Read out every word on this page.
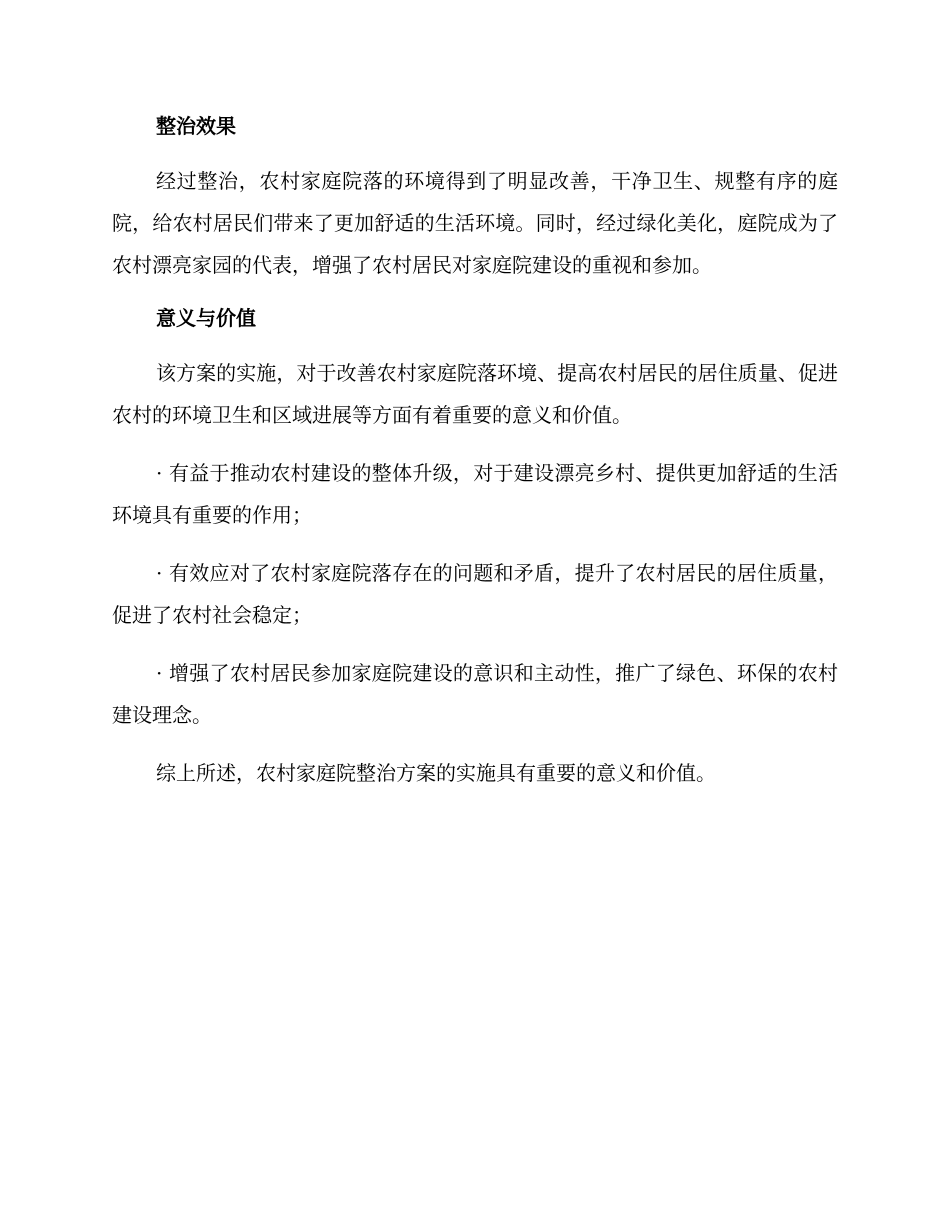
整治效果

经过整治，农村家庭院落的环境得到了明显改善，干净卫生、规整有序的庭院，给农村居民们带来了更加舒适的生活环境。同时，经过绿化美化，庭院成为了农村漂亮家园的代表，增强了农村居民对家庭院建设的重视和参加。

意义与价值

该方案的实施，对于改善农村家庭院落环境、提高农村居民的居住质量、促进农村的环境卫生和区域进展等方面有着重要的意义和价值。

· 有益于推动农村建设的整体升级，对于建设漂亮乡村、提供更加舒适的生活环境具有重要的作用；

· 有效应对了农村家庭院落存在的问题和矛盾，提升了农村居民的居住质量，促进了农村社会稳定；

· 增强了农村居民参加家庭院建设的意识和主动性，推广了绿色、环保的农村建设理念。

综上所述，农村家庭院整治方案的实施具有重要的意义和价值。
